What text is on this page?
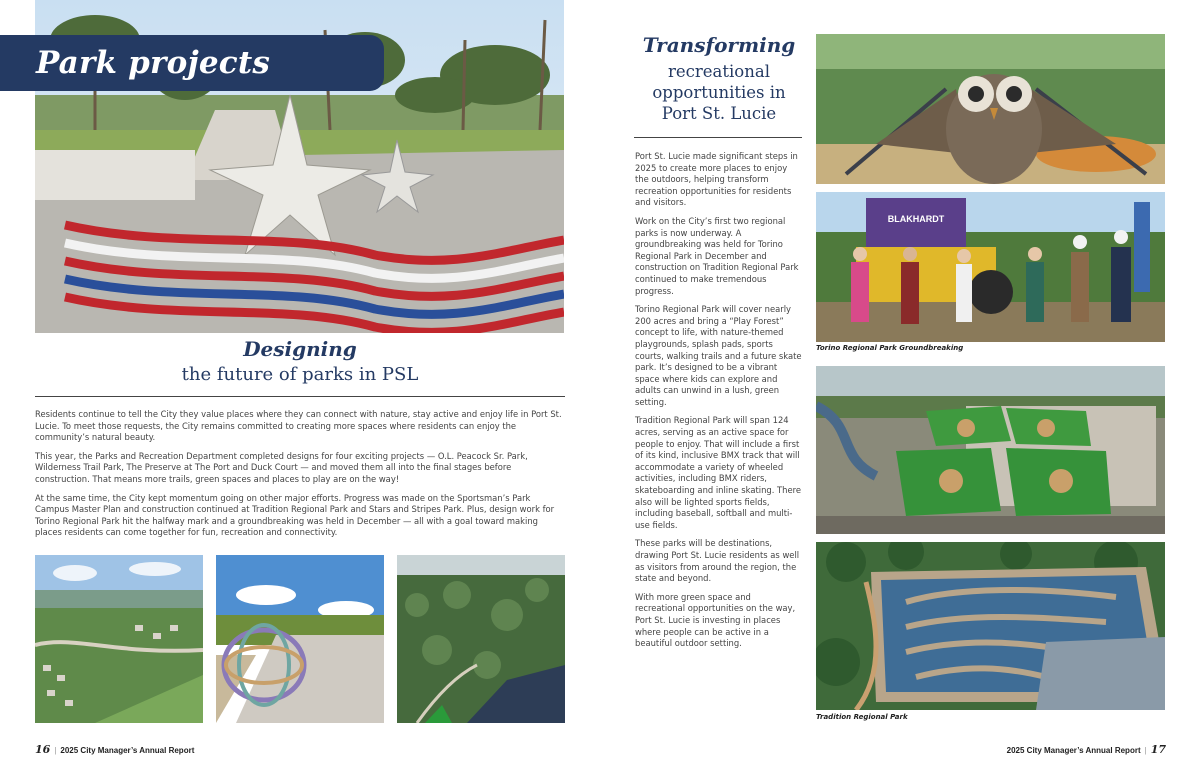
Park projects
Designing
the future of parks in PSL

Residents continue to tell the City they value places where they can connect with nature, stay active and enjoy life in Port St. Lucie. To meet those requests, the City remains committed to creating more spaces where residents can enjoy the community’s natural beauty.

This year, the Parks and Recreation Department completed designs for four exciting projects — O.L. Peacock Sr. Park, Wilderness Trail Park, The Preserve at The Port and Duck Court — and moved them all into the final stages before construction. That means more trails, green spaces and places to play are on the way!

At the same time, the City kept momentum going on other major efforts. Progress was made on the Sportsman’s Park Campus Master Plan and construction continued at Tradition Regional Park and Stars and Stripes Park. Plus, design work for Torino Regional Park hit the halfway mark and a groundbreaking was held in December — all with a goal toward making places residents can come together for fun, recreation and connectivity.

16 | 2025 City Manager’s Annual Report
Transforming
recreational opportunities in Port St. Lucie

Port St. Lucie made significant steps in 2025 to create more places to enjoy the outdoors, helping transform recreation opportunities for residents and visitors.

Work on the City’s first two regional parks is now underway. A groundbreaking was held for Torino Regional Park in December and construction on Tradition Regional Park continued to make tremendous progress.

Torino Regional Park will cover nearly 200 acres and bring a “Play Forest” concept to life, with nature-themed playgrounds, splash pads, sports courts, walking trails and a future skate park. It’s designed to be a vibrant space where kids can explore and adults can unwind in a lush, green setting.

Tradition Regional Park will span 124 acres, serving as an active space for people to enjoy. That will include a first of its kind, inclusive BMX track that will accommodate a variety of wheeled activities, including BMX riders, skateboarding and inline skating. There also will be lighted sports fields, including baseball, softball and multi-use fields.

These parks will be destinations, drawing Port St. Lucie residents as well as visitors from around the region, the state and beyond.

With more green space and recreational opportunities on the way, Port St. Lucie is investing in places where people can be active in a beautiful outdoor setting.

BLAKHARDT
Torino Regional Park Groundbreaking
Tradition Regional Park
2025 City Manager’s Annual Report | 17
